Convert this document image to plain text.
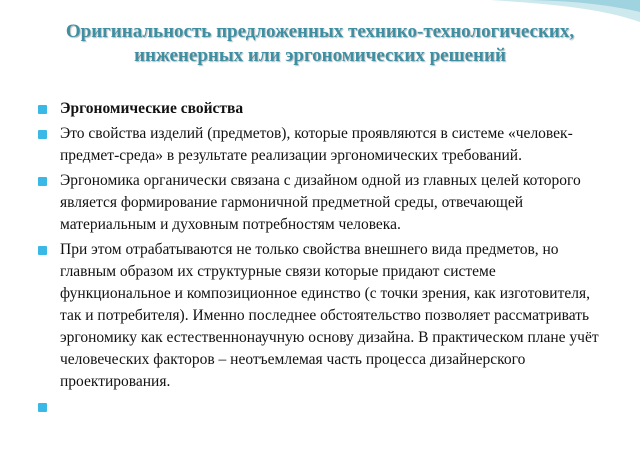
Оригинальность предложенных технико-технологических, инженерных или эргономических решений
Эргономические свойства
Это свойства изделий (предметов), которые проявляются в системе «человек-предмет-среда» в результате реализации эргономических требований.
Эргономика органически связана с дизайном одной из главных целей которого является формирование гармоничной предметной среды, отвечающей материальным и духовным потребностям человека.
При этом отрабатываются не только свойства внешнего вида предметов, но главным образом их структурные связи которые придают системе функциональное и композиционное единство (с точки зрения, как изготовителя, так и потребителя). Именно последнее обстоятельство позволяет рассматривать эргономику как естественнонаучную основу дизайна. В практическом плане учёт человеческих факторов – неотъемлемая часть процесса дизайнерского проектирования.
